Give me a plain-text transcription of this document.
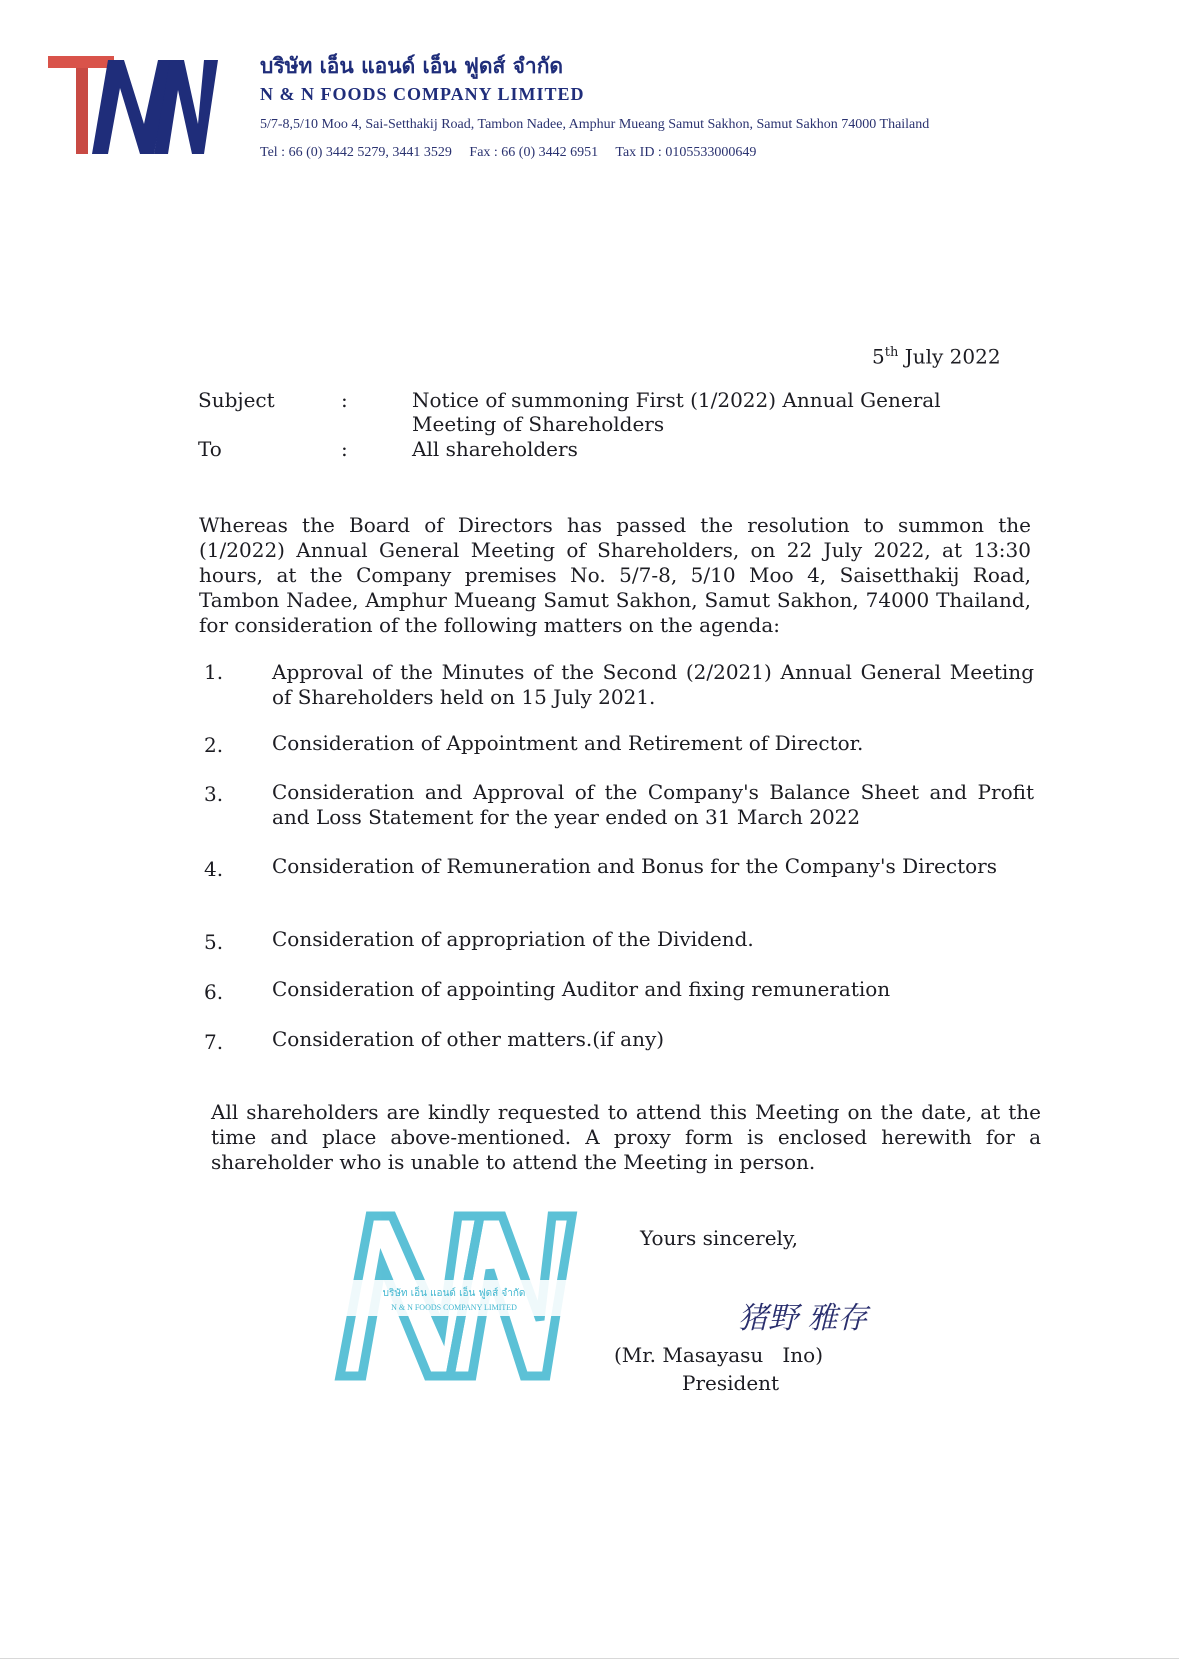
บริษัท เอ็น แอนด์ เอ็น ฟูดส์ จำกัด
N & N FOODS COMPANY LIMITED
5/7-8,5/10 Moo 4, Sai-Setthakij Road, Tambon Nadee, Amphur Mueang Samut Sakhon, Samut Sakhon 74000 Thailand
Tel : 66 (0) 3442 5279, 3441 3529 Fax : 66 (0) 3442 6951 Tax ID : 0105533000649
5th July 2022
Subject	:	Notice of summoning First (1/2022) Annual General
Meeting of Shareholders
To	:	All shareholders
Whereas the Board of Directors has passed the resolution to summon the (1/2022) Annual General Meeting of Shareholders, on 22 July 2022, at 13:30 hours, at the Company premises No. 5/7-8, 5/10 Moo 4, Saisetthakij Road, Tambon Nadee, Amphur Mueang Samut Sakhon, Samut Sakhon, 74000 Thailand, for consideration of the following matters on the agenda:
1. Approval of the Minutes of the Second (2/2021) Annual General Meeting of Shareholders held on 15 July 2021.
2. Consideration of Appointment and Retirement of Director.
3. Consideration and Approval of the Company's Balance Sheet and Profit and Loss Statement for the year ended on 31 March 2022
4. Consideration of Remuneration and Bonus for the Company's Directors
5. Consideration of appropriation of the Dividend.
6. Consideration of appointing Auditor and fixing remuneration
7. Consideration of other matters.(if any)
All shareholders are kindly requested to attend this Meeting on the date, at the time and place above-mentioned. A proxy form is enclosed herewith for a shareholder who is unable to attend the Meeting in person.
บริษัท เอ็น แอนด์ เอ็น ฟูดส์ จำกัด
N & N FOODS COMPANY LIMITED
Yours sincerely,
猪野 雅存
(Mr. Masayasu   Ino)
President
